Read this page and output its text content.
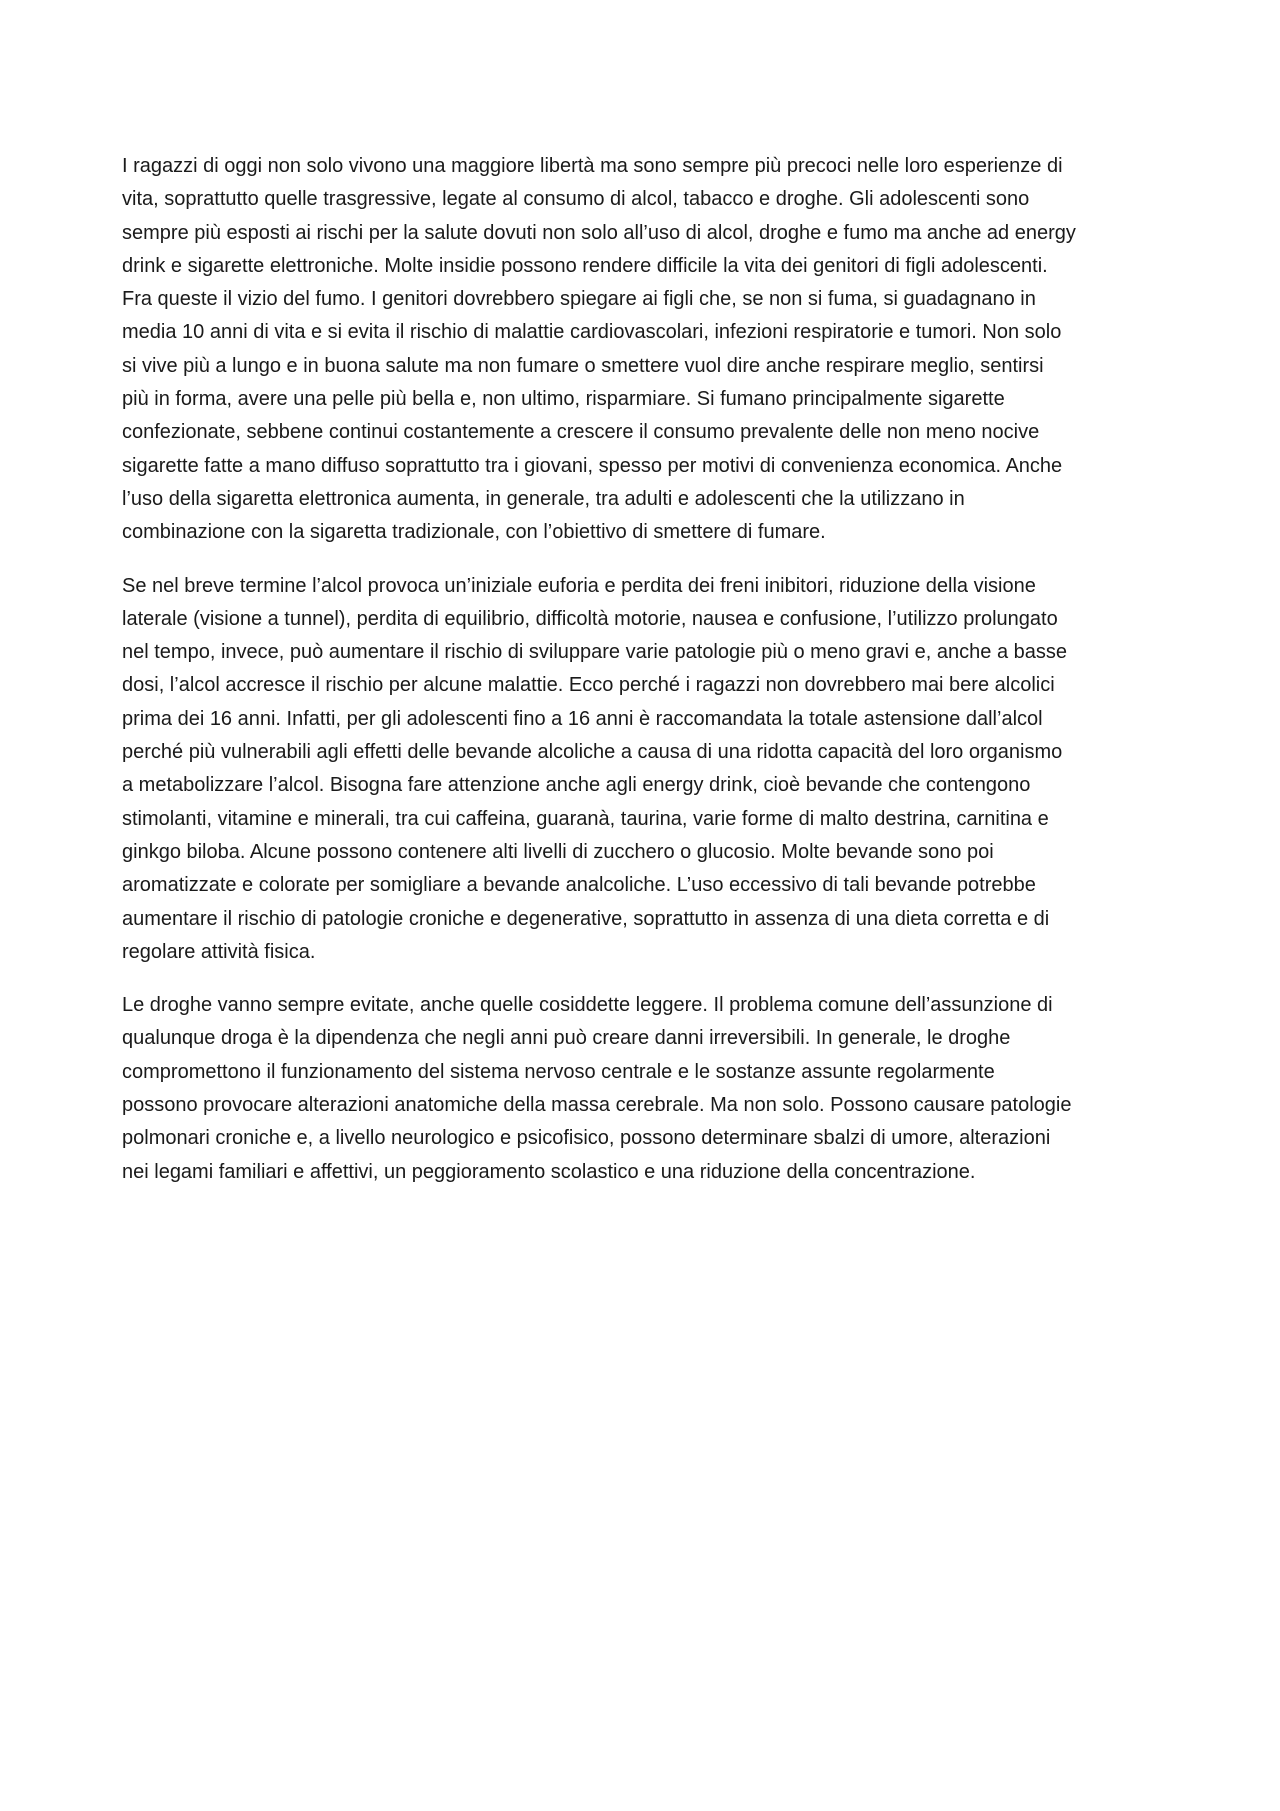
I ragazzi di oggi non solo vivono una maggiore libertà ma sono sempre più precoci nelle loro esperienze di
vita, soprattutto quelle trasgressive, legate al consumo di alcol, tabacco e droghe. Gli adolescenti sono
sempre più esposti ai rischi per la salute dovuti non solo all’uso di alcol, droghe e fumo ma anche ad energy
drink e sigarette elettroniche. Molte insidie possono rendere difficile la vita dei genitori di figli adolescenti.
Fra queste il vizio del fumo. I genitori dovrebbero spiegare ai figli che, se non si fuma, si guadagnano in
media 10 anni di vita e si evita il rischio di malattie cardiovascolari, infezioni respiratorie e tumori. Non solo
si vive più a lungo e in buona salute ma non fumare o smettere vuol dire anche respirare meglio, sentirsi
più in forma, avere una pelle più bella e, non ultimo, risparmiare. Si fumano principalmente sigarette
confezionate, sebbene continui costantemente a crescere il consumo prevalente delle non meno nocive
sigarette fatte a mano diffuso soprattutto tra i giovani, spesso per motivi di convenienza economica. Anche
l’uso della sigaretta elettronica aumenta, in generale, tra adulti e adolescenti che la utilizzano in
combinazione con la sigaretta tradizionale, con l’obiettivo di smettere di fumare.

Se nel breve termine l’alcol provoca un’iniziale euforia e perdita dei freni inibitori, riduzione della visione
laterale (visione a tunnel), perdita di equilibrio, difficoltà motorie, nausea e confusione, l’utilizzo prolungato
nel tempo, invece, può aumentare il rischio di sviluppare varie patologie più o meno gravi e, anche a basse
dosi, l’alcol accresce il rischio per alcune malattie. Ecco perché i ragazzi non dovrebbero mai bere alcolici
prima dei 16 anni. Infatti, per gli adolescenti fino a 16 anni è raccomandata la totale astensione dall’alcol
perché più vulnerabili agli effetti delle bevande alcoliche a causa di una ridotta capacità del loro organismo
a metabolizzare l’alcol. Bisogna fare attenzione anche agli energy drink, cioè bevande che contengono
stimolanti, vitamine e minerali, tra cui caffeina, guaranà, taurina, varie forme di malto destrina, carnitina e
ginkgo biloba. Alcune possono contenere alti livelli di zucchero o glucosio. Molte bevande sono poi
aromatizzate e colorate per somigliare a bevande analcoliche. L’uso eccessivo di tali bevande potrebbe
aumentare il rischio di patologie croniche e degenerative, soprattutto in assenza di una dieta corretta e di
regolare attività fisica.

Le droghe vanno sempre evitate, anche quelle cosiddette leggere. Il problema comune dell’assunzione di
qualunque droga è la dipendenza che negli anni può creare danni irreversibili. In generale, le droghe
compromettono il funzionamento del sistema nervoso centrale e le sostanze assunte regolarmente
possono provocare alterazioni anatomiche della massa cerebrale. Ma non solo. Possono causare patologie
polmonari croniche e, a livello neurologico e psicofisico, possono determinare sbalzi di umore, alterazioni
nei legami familiari e affettivi, un peggioramento scolastico e una riduzione della concentrazione.
